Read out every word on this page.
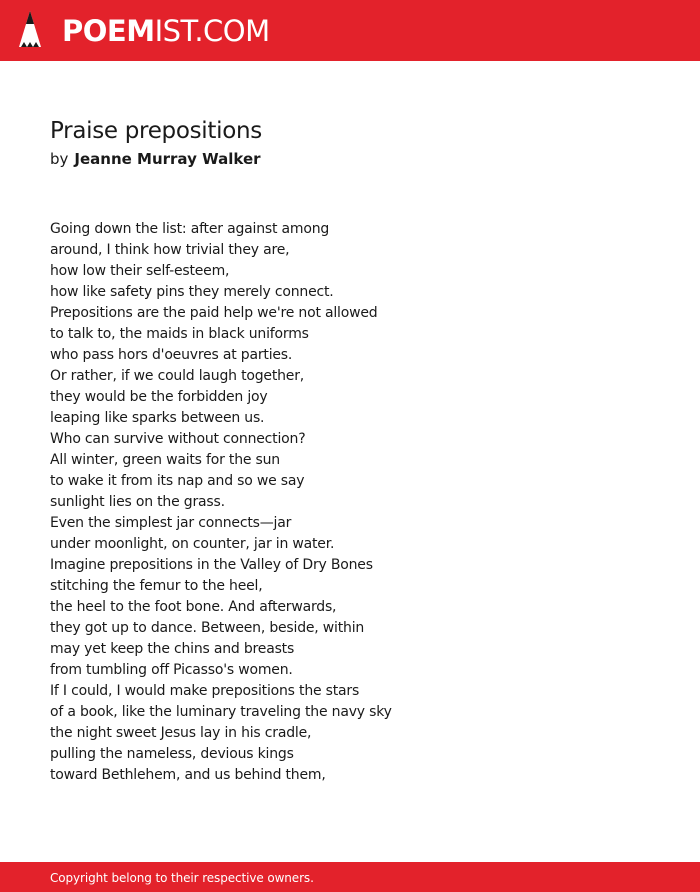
POEMIST.COM
Praise prepositions
by Jeanne Murray Walker
Going down the list: after against among
around, I think how trivial they are,
how low their self-esteem,
how like safety pins they merely connect.
Prepositions are the paid help we're not allowed
to talk to, the maids in black uniforms
who pass hors d'oeuvres at parties.
Or rather, if we could laugh together,
they would be the forbidden joy
leaping like sparks between us.
Who can survive without connection?
All winter, green waits for the sun
to wake it from its nap and so we say
sunlight lies on the grass.
Even the simplest jar connects—jar
under moonlight, on counter, jar in water.
Imagine prepositions in the Valley of Dry Bones
stitching the femur to the heel,
the heel to the foot bone. And afterwards,
they got up to dance. Between, beside, within
may yet keep the chins and breasts
from tumbling off Picasso's women.
If I could, I would make prepositions the stars
of a book, like the luminary traveling the navy sky
the night sweet Jesus lay in his cradle,
pulling the nameless, devious kings
toward Bethlehem, and us behind them,
Copyright belong to their respective owners.
